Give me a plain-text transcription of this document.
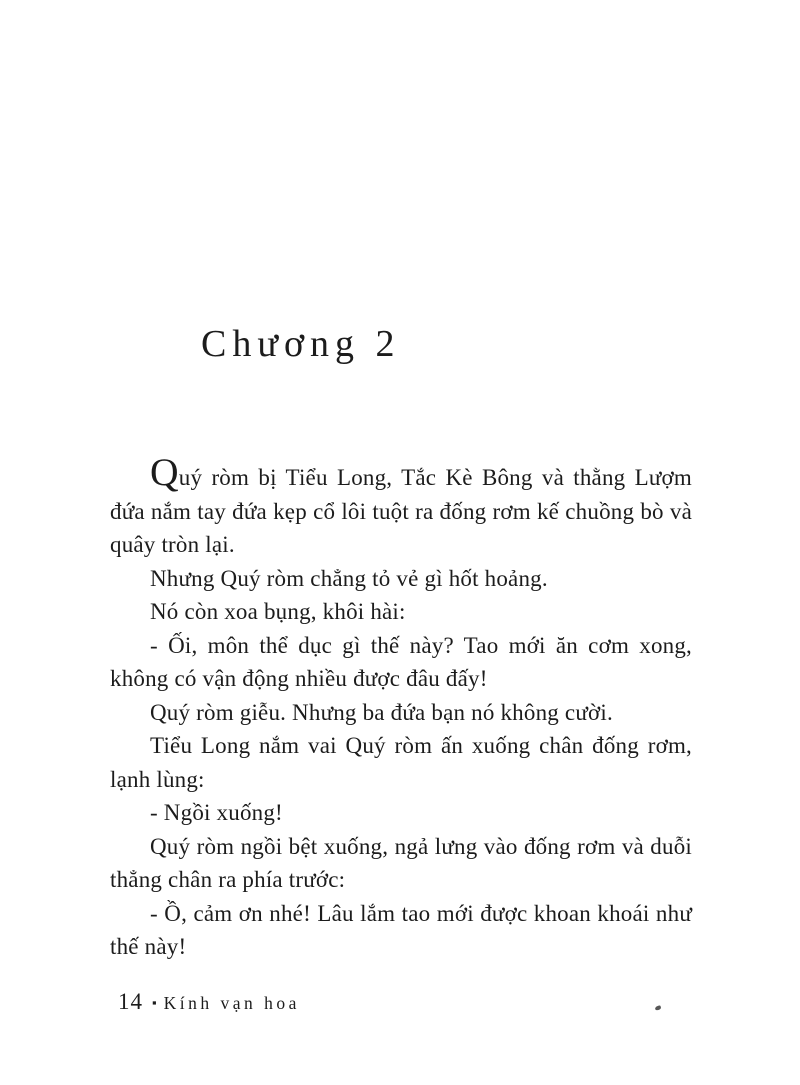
Chương 2

Quý ròm bị Tiểu Long, Tắc Kè Bông và thằng Lượm đứa nắm tay đứa kẹp cổ lôi tuột ra đống rơm kế chuồng bò và quây tròn lại.

Nhưng Quý ròm chẳng tỏ vẻ gì hốt hoảng.

Nó còn xoa bụng, khôi hài:

- Ối, môn thể dục gì thế này? Tao mới ăn cơm xong, không có vận động nhiều được đâu đấy!

Quý ròm giễu. Nhưng ba đứa bạn nó không cười.

Tiểu Long nắm vai Quý ròm ấn xuống chân đống rơm, lạnh lùng:

- Ngồi xuống!

Quý ròm ngồi bệt xuống, ngả lưng vào đống rơm và duỗi thẳng chân ra phía trước:

- Ồ, cảm ơn nhé! Lâu lắm tao mới được khoan khoái như thế này!

14 ▪ Kính vạn hoa
